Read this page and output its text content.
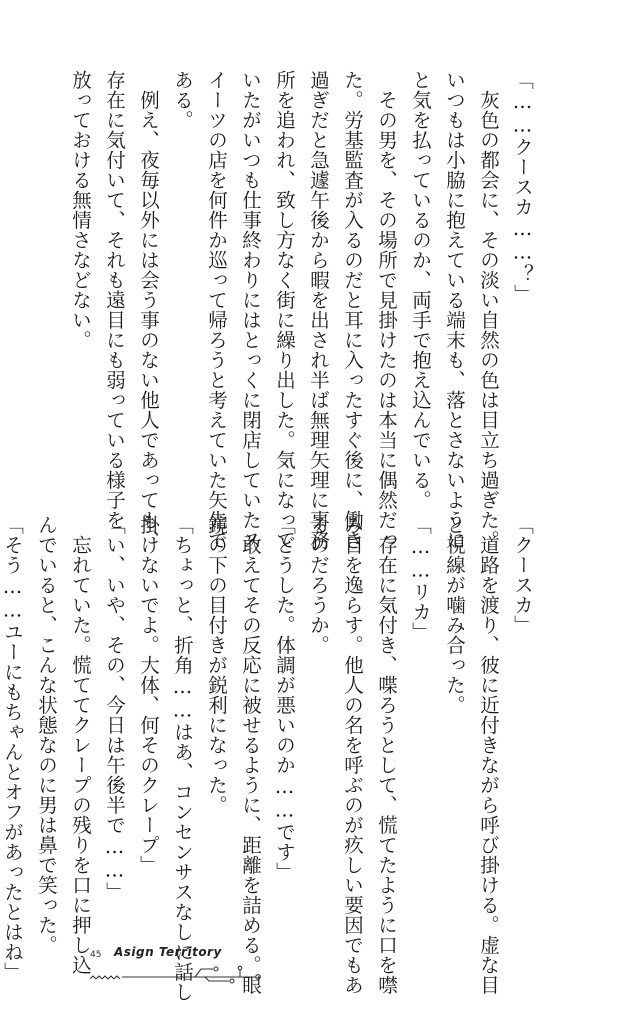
「……クースカ……？」
　灰色の都会に、その淡い自然の色は目立ち過ぎた。
いつもは小脇に抱えている端末も、落とさないように
と気を払っているのか、両手で抱え込んでいる。
　その男を、その場所で見掛けたのは本当に偶然だっ
た。労基監査が入るのだと耳に入ったすぐ後に、働き
過ぎだと急遽午後から暇を出され半ば無理矢理に事務
所を追われ、致し方なく街に繰り出した。気になって
いたがいつも仕事終わりにはとっくに閉店していたス
イーツの店を何件か巡って帰ろうと考えていた矢先で
ある。
　例え、夜毎以外には会う事のない他人であっても、
存在に気付いて、それも遠目にも弱っている様子を
放っておける無情さなどない。
「クースカ」
　道路を渡り、彼に近付きながら呼び掛ける。虚な目
と視線が噛み合った。
「……リカ」
　存在に気付き、喋ろうとして、慌てたように口を噤
み目を逸らす。他人の名を呼ぶのが疚しい要因でもあ
るのだろうか。
「どうした。体調が悪いのか……です」
　敢えてその反応に被せるように、距離を詰める。眼
鏡の下の目付きが鋭利になった。
「ちょっと、折角……はあ、コンセンサスなしに話し
掛けないでよ。大体、何そのクレープ」
「い、いや、その、今日は午後半で……」
　忘れていた。慌ててクレープの残りを口に押し込
んでいると、こんな状態なのに男は鼻で笑った。
「そう……ユーにもちゃんとオフがあったとはね」	45 Asign Territory
